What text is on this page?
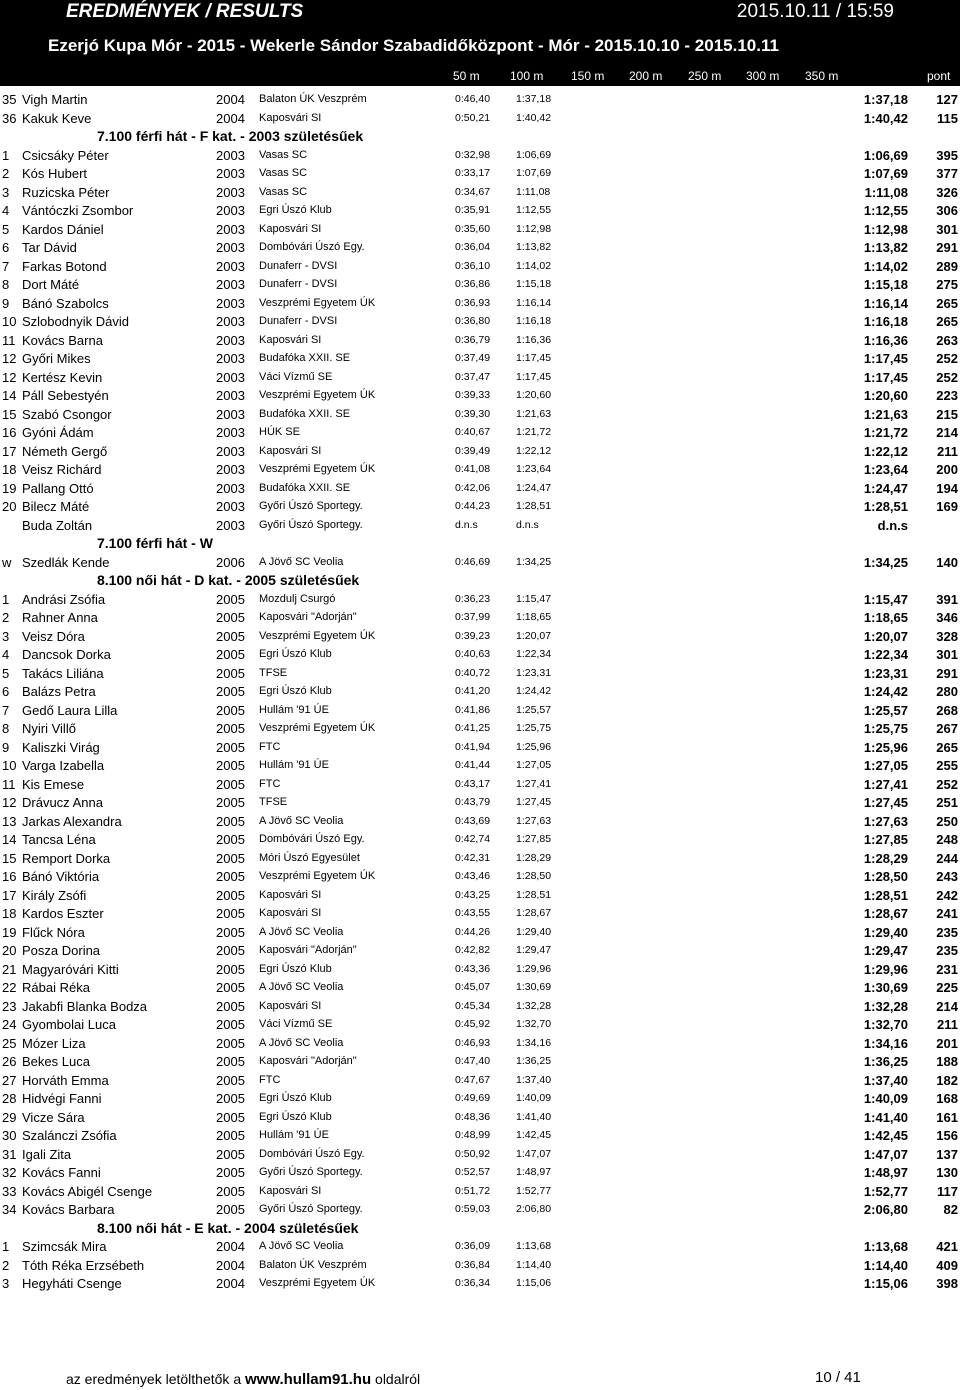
EREDMÉNYEK / RESULTS	2015.10.11 / 15:59
Ezerjó Kupa Mór - 2015 - Wekerle Sándor Szabadidőközpont - Mór - 2015.10.10 - 2015.10.11
50 m	100 m 150 m 200 m 250 m 300 m 350 m	pont
35 Vigh Martin	2004 Balaton ÚK Veszprém	0:46,40 1:37,18	1:37,18 127
36 Kakuk Keve	2004 Kaposvári SI	0:50,21 1:40,42	1:40,42 115
7.100 férfi hát - F kat. - 2003 születésűek
1 Csicsáky Péter	2003 Vasas SC	0:32,98 1:06,69	1:06,69 395
2 Kós Hubert	2003 Vasas SC	0:33,17 1:07,69	1:07,69 377
3 Ruzicska Péter	2003 Vasas SC	0:34,67 1:11,08	1:11,08 326
4 Vántóczki Zsombor	2003 Egri Úszó Klub	0:35,91 1:12,55	1:12,55 306
5 Kardos Dániel	2003 Kaposvári SI	0:35,60 1:12,98	1:12,98 301
6 Tar Dávid	2003 Dombóvári Úszó Egy.	0:36,04 1:13,82	1:13,82 291
7 Farkas Botond	2003 Dunaferr - DVSI	0:36,10 1:14,02	1:14,02 289
8 Dort Máté	2003 Dunaferr - DVSI	0:36,86 1:15,18	1:15,18 275
9 Bánó Szabolcs	2003 Veszprémi Egyetem ÚK	0:36,93 1:16,14	1:16,14 265
10 Szlobodnyik Dávid	2003 Dunaferr - DVSI	0:36,80 1:16,18	1:16,18 265
11 Kovács Barna	2003 Kaposvári SI	0:36,79 1:16,36	1:16,36 263
12 Győri Mikes	2003 Budafóka XXII. SE	0:37,49 1:17,45	1:17,45 252
12 Kertész Kevin	2003 Váci Vízmű SE	0:37,47 1:17,45	1:17,45 252
14 Páll Sebestyén	2003 Veszprémi Egyetem ÚK	0:39,33 1:20,60	1:20,60 223
15 Szabó Csongor	2003 Budafóka XXII. SE	0:39,30 1:21,63	1:21,63 215
16 Gyóni Ádám	2003 HÚK SE	0:40,67 1:21,72	1:21,72 214
17 Németh Gergő	2003 Kaposvári SI	0:39,49 1:22,12	1:22,12 211
18 Veisz Richárd	2003 Veszprémi Egyetem ÚK	0:41,08 1:23,64	1:23,64 200
19 Pallang Ottó	2003 Budafóka XXII. SE	0:42,06 1:24,47	1:24,47 194
20 Bilecz Máté	2003 Győri Úszó Sportegy.	0:44,23 1:28,51	1:28,51 169
Buda Zoltán	2003 Győri Úszó Sportegy.	d.n.s	d.n.s	d.n.s
7.100 férfi hát - W
w Szedlák Kende	2006 A Jövő SC Veolia	0:46,69 1:34,25	1:34,25 140
8.100 női hát - D kat. - 2005 születésűek
1 Andrási Zsófia	2005 Mozdulj Csurgó	0:36,23 1:15,47	1:15,47 391
2 Rahner Anna	2005 Kaposvári "Adorján"	0:37,99 1:18,65	1:18,65 346
3 Veisz Dóra	2005 Veszprémi Egyetem ÚK	0:39,23 1:20,07	1:20,07 328
4 Dancsok Dorka	2005 Egri Úszó Klub	0:40,63 1:22,34	1:22,34 301
5 Takács Liliána	2005 TFSE	0:40,72 1:23,31	1:23,31 291
6 Balázs Petra	2005 Egri Úszó Klub	0:41,20 1:24,42	1:24,42 280
7 Gedő Laura Lilla	2005 Hullám '91 ÚE	0:41,86 1:25,57	1:25,57 268
8 Nyiri Villő	2005 Veszprémi Egyetem ÚK	0:41,25 1:25,75	1:25,75 267
9 Kaliszki Virág	2005 FTC	0:41,94 1:25,96	1:25,96 265
10 Varga Izabella	2005 Hullám '91 ÚE	0:41,44 1:27,05	1:27,05 255
11 Kis Emese	2005 FTC	0:43,17 1:27,41	1:27,41 252
12 Drávucz Anna	2005 TFSE	0:43,79 1:27,45	1:27,45 251
13 Jarkas Alexandra	2005 A Jövő SC Veolia	0:43,69 1:27,63	1:27,63 250
14 Tancsa Léna	2005 Dombóvári Úszó Egy.	0:42,74 1:27,85	1:27,85 248
15 Remport Dorka	2005 Móri Úszó Egyesület	0:42,31 1:28,29	1:28,29 244
16 Bánó Viktória	2005 Veszprémi Egyetem ÚK	0:43,46 1:28,50	1:28,50 243
17 Király Zsófi	2005 Kaposvári SI	0:43,25 1:28,51	1:28,51 242
18 Kardos Eszter	2005 Kaposvári SI	0:43,55 1:28,67	1:28,67 241
19 Flűck Nóra	2005 A Jövő SC Veolia	0:44,26 1:29,40	1:29,40 235
20 Posza Dorina	2005 Kaposvári "Adorján"	0:42,82 1:29,47	1:29,47 235
21 Magyaróvári Kitti	2005 Egri Úszó Klub	0:43,36 1:29,96	1:29,96 231
22 Rábai Réka	2005 A Jövő SC Veolia	0:45,07 1:30,69	1:30,69 225
23 Jakabfi Blanka Bodza	2005 Kaposvári SI	0:45,34 1:32,28	1:32,28 214
24 Gyombolai Luca	2005 Váci Vízmű SE	0:45,92 1:32,70	1:32,70 211
25 Mózer Liza	2005 A Jövő SC Veolia	0:46,93 1:34,16	1:34,16 201
26 Bekes Luca	2005 Kaposvári "Adorján"	0:47,40 1:36,25	1:36,25 188
27 Horváth Emma	2005 FTC	0:47,67 1:37,40	1:37,40 182
28 Hidvégi Fanni	2005 Egri Úszó Klub	0:49,69 1:40,09	1:40,09 168
29 Vicze Sára	2005 Egri Úszó Klub	0:48,36 1:41,40	1:41,40 161
30 Szalánczi Zsófia	2005 Hullám '91 ÚE	0:48,99 1:42,45	1:42,45 156
31 Igali Zita	2005 Dombóvári Úszó Egy.	0:50,92 1:47,07	1:47,07 137
32 Kovács Fanni	2005 Győri Úszó Sportegy.	0:52,57 1:48,97	1:48,97 130
33 Kovács Abigél Csenge	2005 Kaposvári SI	0:51,72 1:52,77	1:52,77 117
34 Kovács Barbara	2005 Győri Úszó Sportegy.	0:59,03 2:06,80	2:06,80	82
8.100 női hát - E kat. - 2004 születésűek
1 Szimcsák Mira	2004 A Jövő SC Veolia	0:36,09 1:13,68	1:13,68 421
2 Tóth Réka Erzsébeth	2004 Balaton ÚK Veszprém	0:36,84 1:14,40	1:14,40 409
3 Hegyháti Csenge	2004 Veszprémi Egyetem ÚK	0:36,34 1:15,06	1:15,06 398
az eredmények letölthetők a www.hullam91.hu oldalról	10 / 41
